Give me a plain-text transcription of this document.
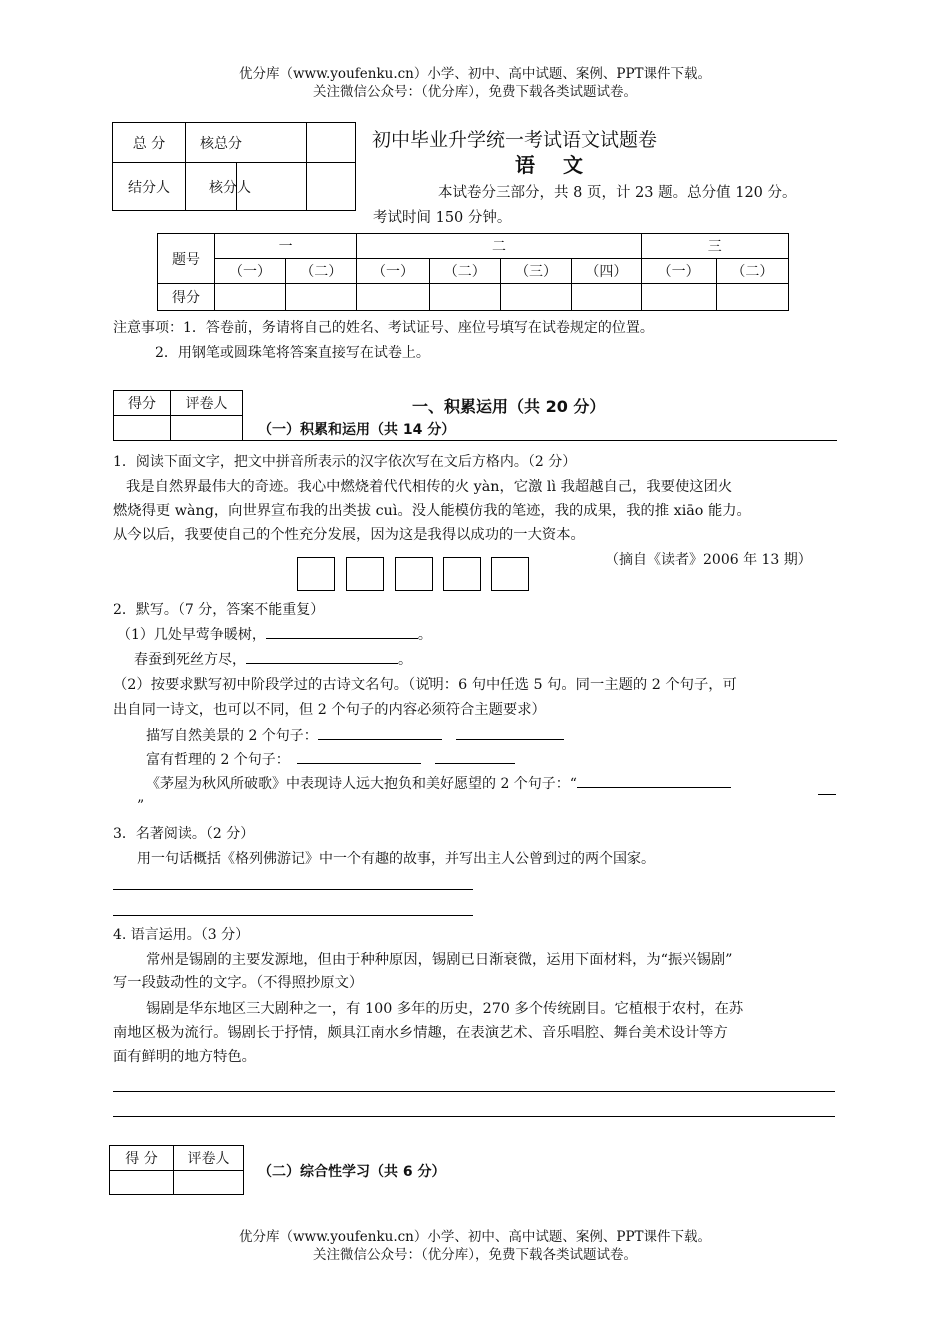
优分库（www.youfenku.cn）小学、初中、高中试题、案例、PPT课件下载。
关注微信公众号：（优分库），免费下载各类试题试卷。
总 分	核总分		
结分人		核分人	
初中毕业升学统一考试语文试题卷
语　文
本试卷分三部分，共 8 页，计 23 题。总分值 120 分。
考试时间 150 分钟。
题号	一		二				三	
	（一）	（二）	（一）	（二）	（三）	（四）	（一）	（二）
得分								
注意事项：1．答卷前，务请将自己的姓名、考试证号、座位号填写在试卷规定的位置。
2．用钢笔或圆珠笔将答案直接写在试卷上。
得分	评卷人
		一、积累运用（共 20 分）
（一）积累和运用（共 14 分）
1．阅读下面文字，把文中拼音所表示的汉字依次写在文后方格内。（2 分）
我是自然界最伟大的奇迹。我心中燃烧着代代相传的火 yàn，它激 lì 我超越自己，我要使这团火
燃烧得更 wàng，向世界宣布我的出类拔 cuì。没人能模仿我的笔迹，我的成果，我的推 xiāo 能力。
从今以后，我要使自己的个性充分发展，因为这是我得以成功的一大资本。
（摘自《读者》2006 年 13 期）
2．默写。（7 分，答案不能重复）
（1）几处早莺争暖树，	。
春蚕到死丝方尽，	。
（2）按要求默写初中阶段学过的古诗文名句。（说明：6 句中任选 5 句。同一主题的 2 个句子，可
出自同一诗文，也可以不同，但 2 个句子的内容必须符合主题要求）
描写自然美景的 2 个句子：　
富有哲理的 2 个句子：　　
《茅屋为秋风所破歌》中表现诗人远大抱负和美好愿望的 2 个句子：“
”
3．名著阅读。（2 分）
用一句话概括《格列佛游记》中一个有趣的故事，并写出主人公曾到过的两个国家。
4. 语言运用。（3 分）
常州是锡剧的主要发源地，但由于种种原因，锡剧已日渐衰微，运用下面材料，为“振兴锡剧”
写一段鼓动性的文字。（不得照抄原文）
锡剧是华东地区三大剧种之一，有 100 多年的历史，270 多个传统剧目。它植根于农村，在苏
南地区极为流行。锡剧长于抒情，颇具江南水乡情趣，在表演艺术、音乐唱腔、舞台美术设计等方
面有鲜明的地方特色。
得 分	评卷人

（二）综合性学习（共 6 分）
优分库（www.youfenku.cn）小学、初中、高中试题、案例、PPT课件下载。
关注微信公众号：（优分库），免费下载各类试题试卷。
